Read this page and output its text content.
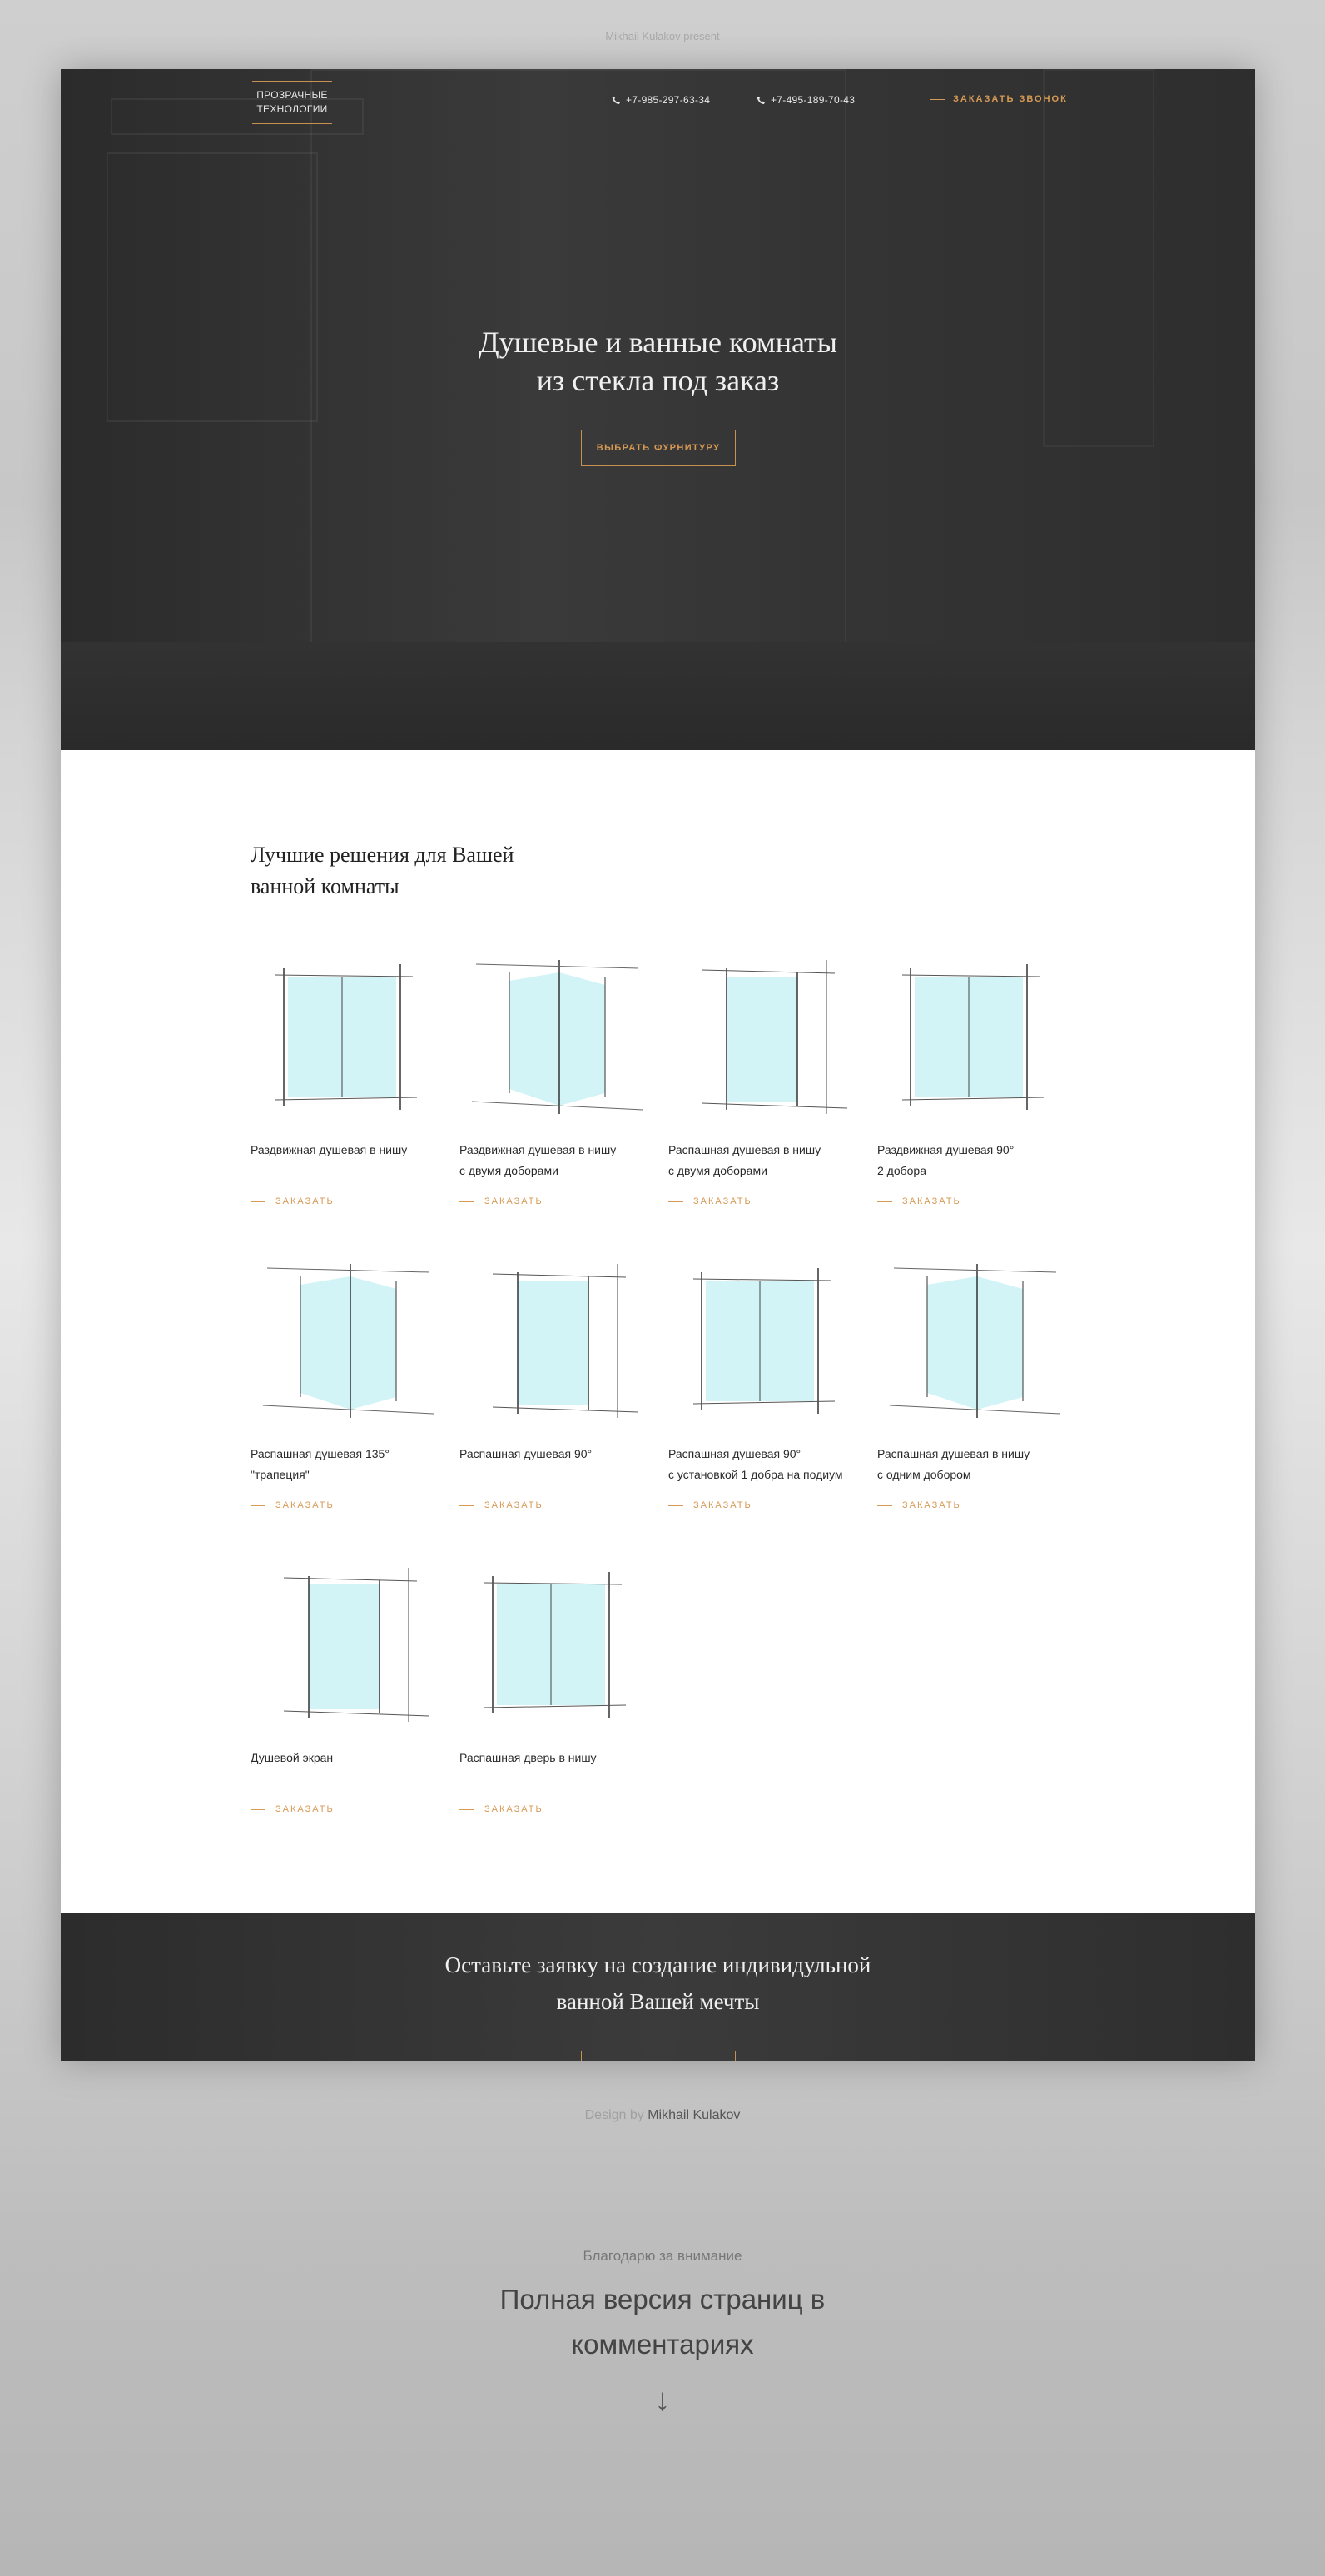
Mikhail Kulakov present
ПРОЗРАЧНЫЕ
ТЕХНОЛОГИИ
+7-985-297-63-34	+7-495-189-70-43	ЗАКАЗАТЬ ЗВОНОК
Душевые и ванные комнаты
из стекла под заказ
ВЫБРАТЬ ФУРНИТУРУ
Лучшие решения для Вашей
ванной комнаты
Раздвижная душевая в нишу
ЗАКАЗАТЬ
Раздвижная душевая в нишу
с двумя доборами
ЗАКАЗАТЬ
Распашная душевая в нишу
с двумя доборами
ЗАКАЗАТЬ
Раздвижная душевая 90°
2 добора
ЗАКАЗАТЬ
Распашная душевая 135°
"трапеция"
ЗАКАЗАТЬ
Распашная душевая 90°
ЗАКАЗАТЬ
Распашная душевая 90°
с установкой 1 добра на подиум
ЗАКАЗАТЬ
Распашная душевая в нишу
с одним добором
ЗАКАЗАТЬ
Душевой экран
ЗАКАЗАТЬ
Распашная дверь в нишу
ЗАКАЗАТЬ
Оставьте заявку на создание индивидульной
ванной Вашей мечты
Design by Mikhail Kulakov
Благодарю за внимание
Полная версия страниц в
комментариях
↓
